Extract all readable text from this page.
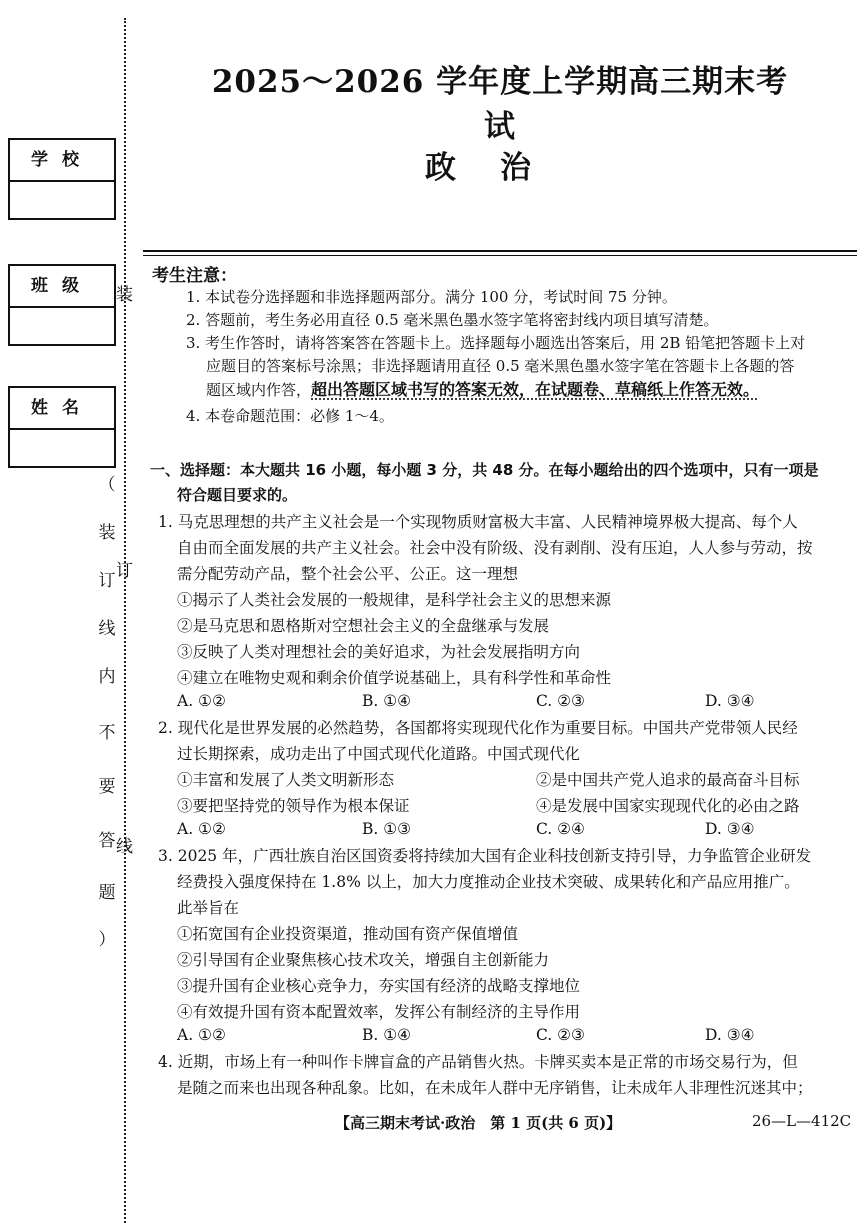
学校
班级
姓名
装
订
线
（
装
订
线
内
不
要
答
题
）
2025～2026 学年度上学期高三期末考试
政治
考生注意：
1. 本试卷分选择题和非选择题两部分。满分 100 分，考试时间 75 分钟。
2. 答题前，考生务必用直径 0.5 毫米黑色墨水签字笔将密封线内项目填写清楚。
3. 考生作答时，请将答案答在答题卡上。选择题每小题选出答案后，用 2B 铅笔把答题卡上对
应题目的答案标号涂黑；非选择题请用直径 0.5 毫米黑色墨水签字笔在答题卡上各题的答
题区域内作答，超出答题区域书写的答案无效，在试题卷、草稿纸上作答无效。
4. 本卷命题范围：必修 1～4。
一、选择题：本大题共 16 小题，每小题 3 分，共 48 分。在每小题给出的四个选项中，只有一项是
符合题目要求的。
1. 马克思理想的共产主义社会是一个实现物质财富极大丰富、人民精神境界极大提高、每个人
自由而全面发展的共产主义社会。社会中没有阶级、没有剥削、没有压迫，人人参与劳动，按
需分配劳动产品，整个社会公平、公正。这一理想
①揭示了人类社会发展的一般规律，是科学社会主义的思想来源
②是马克思和恩格斯对空想社会主义的全盘继承与发展
③反映了人类对理想社会的美好追求，为社会发展指明方向
④建立在唯物史观和剩余价值学说基础上，具有科学性和革命性
A. ①②	B. ①④	C. ②③	D. ③④
2. 现代化是世界发展的必然趋势，各国都将实现现代化作为重要目标。中国共产党带领人民经
过长期探索，成功走出了中国式现代化道路。中国式现代化
①丰富和发展了人类文明新形态	②是中国共产党人追求的最高奋斗目标
③要把坚持党的领导作为根本保证	④是发展中国家实现现代化的必由之路
A. ①②	B. ①③	C. ②④	D. ③④
3. 2025 年，广西壮族自治区国资委将持续加大国有企业科技创新支持引导，力争监管企业研发
经费投入强度保持在 1.8% 以上，加大力度推动企业技术突破、成果转化和产品应用推广。
此举旨在
①拓宽国有企业投资渠道，推动国有资产保值增值
②引导国有企业聚焦核心技术攻关，增强自主创新能力
③提升国有企业核心竞争力，夯实国有经济的战略支撑地位
④有效提升国有资本配置效率，发挥公有制经济的主导作用
A. ①②	B. ①④	C. ②③	D. ③④
4. 近期，市场上有一种叫作卡牌盲盒的产品销售火热。卡牌买卖本是正常的市场交易行为，但
是随之而来也出现各种乱象。比如，在未成年人群中无序销售，让未成年人非理性沉迷其中；
【高三期末考试·政治　第 1 页(共 6 页)】	26—L—412C
